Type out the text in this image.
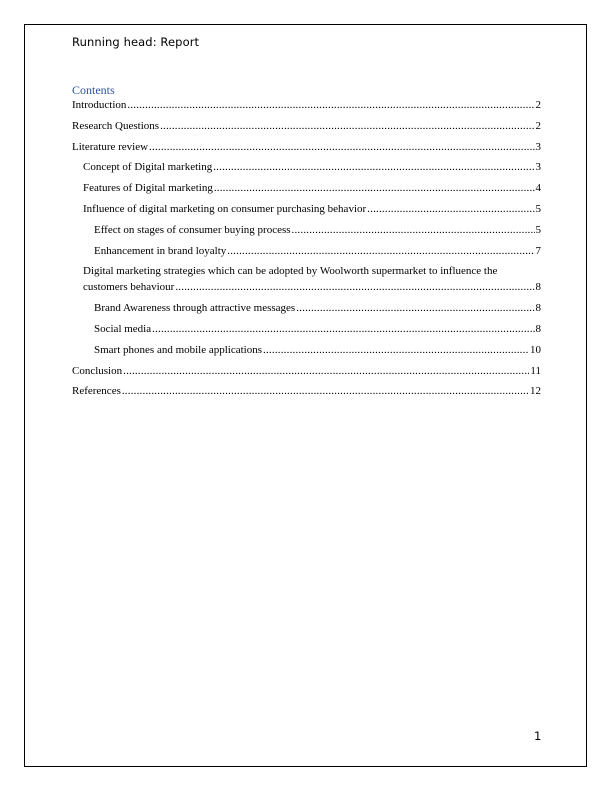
Running head: Report
Contents
Introduction .....	2
Research Questions .....	2
Literature review .....	3
Concept of Digital marketing .....	3
Features of Digital marketing .....	4
Influence of digital marketing on consumer purchasing behavior .....	5
Effect on stages of consumer buying process .....	5
Enhancement in brand loyalty .....	7
Digital marketing strategies which can be adopted by Woolworth supermarket to influence the
customers behaviour .....	8
Brand Awareness through attractive messages .....	8
Social media .....	8
Smart phones and mobile applications .....	10
Conclusion .....	11
References .....	12
1
